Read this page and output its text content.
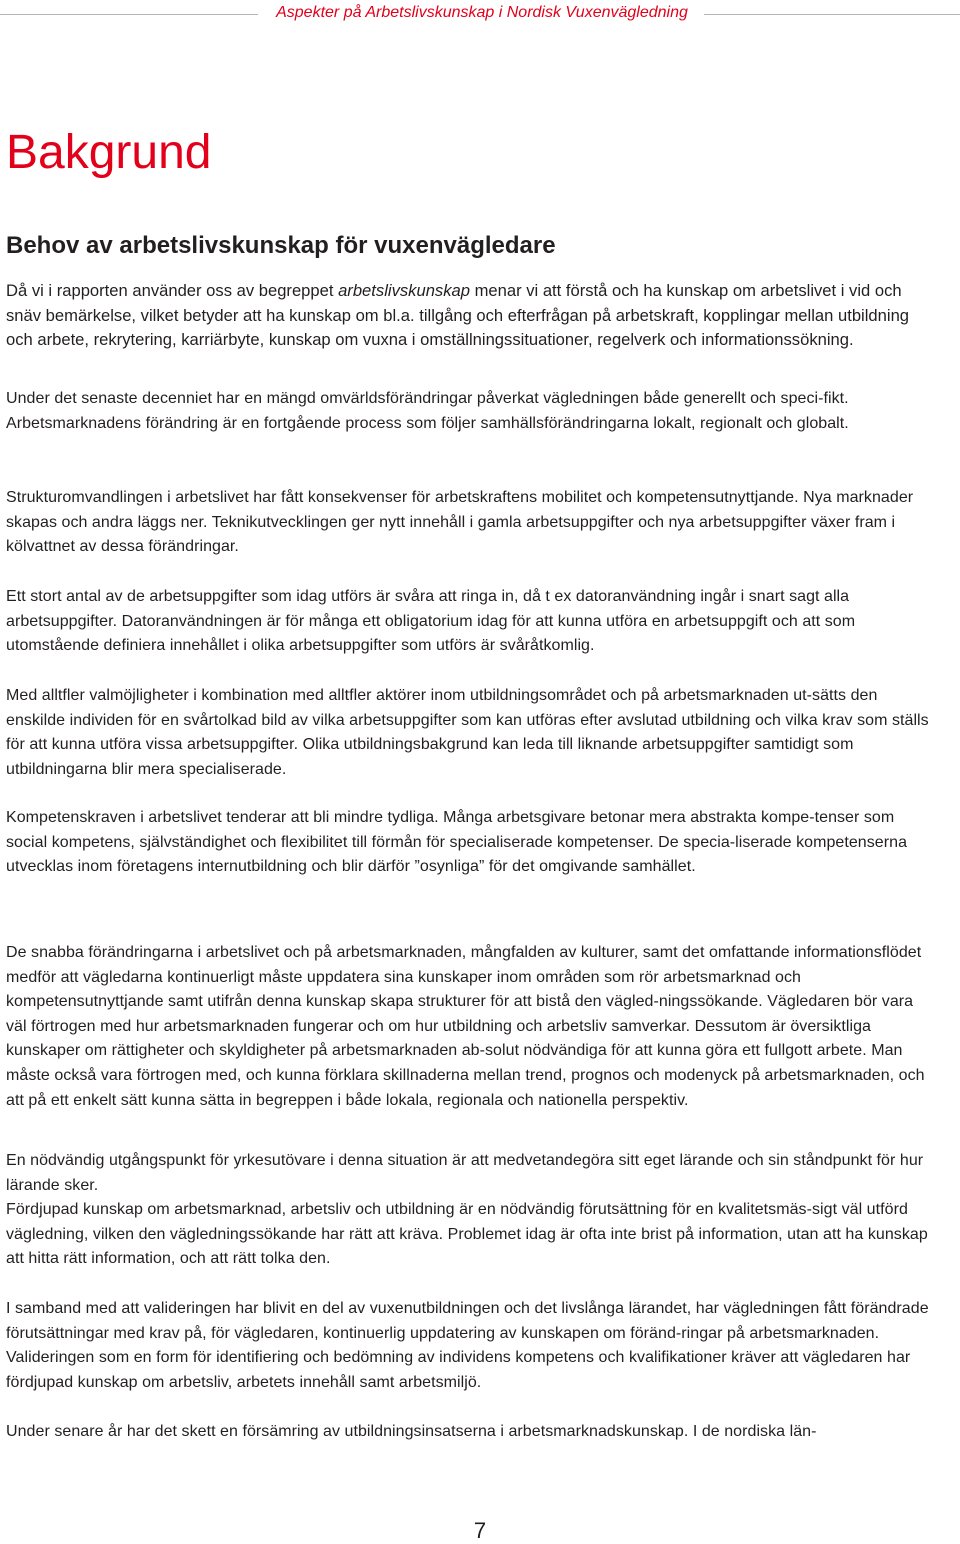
Aspekter på Arbetslivskunskap i Nordisk Vuxenvägledning
Bakgrund
Behov av arbetslivskunskap för vuxenvägledare

Då vi i rapporten använder oss av begreppet arbetslivskunskap menar vi att förstå och ha kunskap om arbetslivet i vid och snäv bemärkelse, vilket betyder att ha kunskap om bl.a. tillgång och efterfrågan på arbetskraft, kopplingar mellan utbildning och arbete, rekrytering, karriärbyte, kunskap om vuxna i omställningssituationer, regelverk och informationssökning.

Under det senaste decenniet har en mängd omvärldsförändringar påverkat vägledningen både generellt och speci-fikt. Arbetsmarknadens förändring är en fortgående process som följer samhällsförändringarna lokalt, regionalt och globalt.

Strukturomvandlingen i arbetslivet har fått konsekvenser för arbetskraftens mobilitet och kompetensutnyttjande. Nya marknader skapas och andra läggs ner. Teknikutvecklingen ger nytt innehåll i gamla arbetsuppgifter och nya arbetsuppgifter växer fram i kölvattnet av dessa förändringar.

Ett stort antal av de arbetsuppgifter som idag utförs är svåra att ringa in, då t ex datoranvändning ingår i snart sagt alla arbetsuppgifter. Datoranvändningen är för många ett obligatorium idag för att kunna utföra en arbetsuppgift och att som utomstående definiera innehållet i olika arbetsuppgifter som utförs är svåråtkomlig.

Med alltfler valmöjligheter i kombination med alltfler aktörer inom utbildningsområdet och på arbetsmarknaden ut-sätts den enskilde individen för en svårtolkad bild av vilka arbetsuppgifter som kan utföras efter avslutad utbildning och vilka krav som ställs för att kunna utföra vissa arbetsuppgifter. Olika utbildningsbakgrund kan leda till liknande arbetsuppgifter samtidigt som utbildningarna blir mera specialiserade.

Kompetenskraven i arbetslivet tenderar att bli mindre tydliga. Många arbetsgivare betonar mera abstrakta kompe-tenser som social kompetens, självständighet och flexibilitet till förmån för specialiserade kompetenser. De specia-liserade kompetenserna utvecklas inom företagens internutbildning och blir därför ”osynliga” för det omgivande samhället.

De snabba förändringarna i arbetslivet och på arbetsmarknaden, mångfalden av kulturer, samt det omfattande informationsflödet medför att vägledarna kontinuerligt måste uppdatera sina kunskaper inom områden som rör arbetsmarknad och kompetensutnyttjande samt utifrån denna kunskap skapa strukturer för att bistå den vägled-ningssökande. Vägledaren bör vara väl förtrogen med hur arbetsmarknaden fungerar och om hur utbildning och arbetsliv samverkar. Dessutom är översiktliga kunskaper om rättigheter och skyldigheter på arbetsmarknaden ab-solut nödvändiga för att kunna göra ett fullgott arbete. Man måste också vara förtrogen med, och kunna förklara skillnaderna mellan trend, prognos och modenyck på arbetsmarknaden, och att på ett enkelt sätt kunna sätta in begreppen i både lokala, regionala och nationella perspektiv.

En nödvändig utgångspunkt för yrkesutövare i denna situation är att medvetandegöra sitt eget lärande och sin ståndpunkt för hur lärande sker.

Fördjupad kunskap om arbetsmarknad, arbetsliv och utbildning är en nödvändig förutsättning för en kvalitetsmäs-sigt väl utförd vägledning, vilken den vägledningssökande har rätt att kräva. Problemet idag är ofta inte brist på information, utan att ha kunskap att hitta rätt information, och att rätt tolka den.

I samband med att valideringen har blivit en del av vuxenutbildningen och det livslånga lärandet, har vägledningen fått förändrade förutsättningar med krav på, för vägledaren, kontinuerlig uppdatering av kunskapen om föränd-ringar på arbetsmarknaden. Valideringen som en form för identifiering och bedömning av individens kompetens och kvalifikationer kräver att vägledaren har fördjupad kunskap om arbetsliv, arbetets innehåll samt arbetsmiljö.

Under senare år har det skett en försämring av utbildningsinsatserna i arbetsmarknadskunskap. I de nordiska län-

7
